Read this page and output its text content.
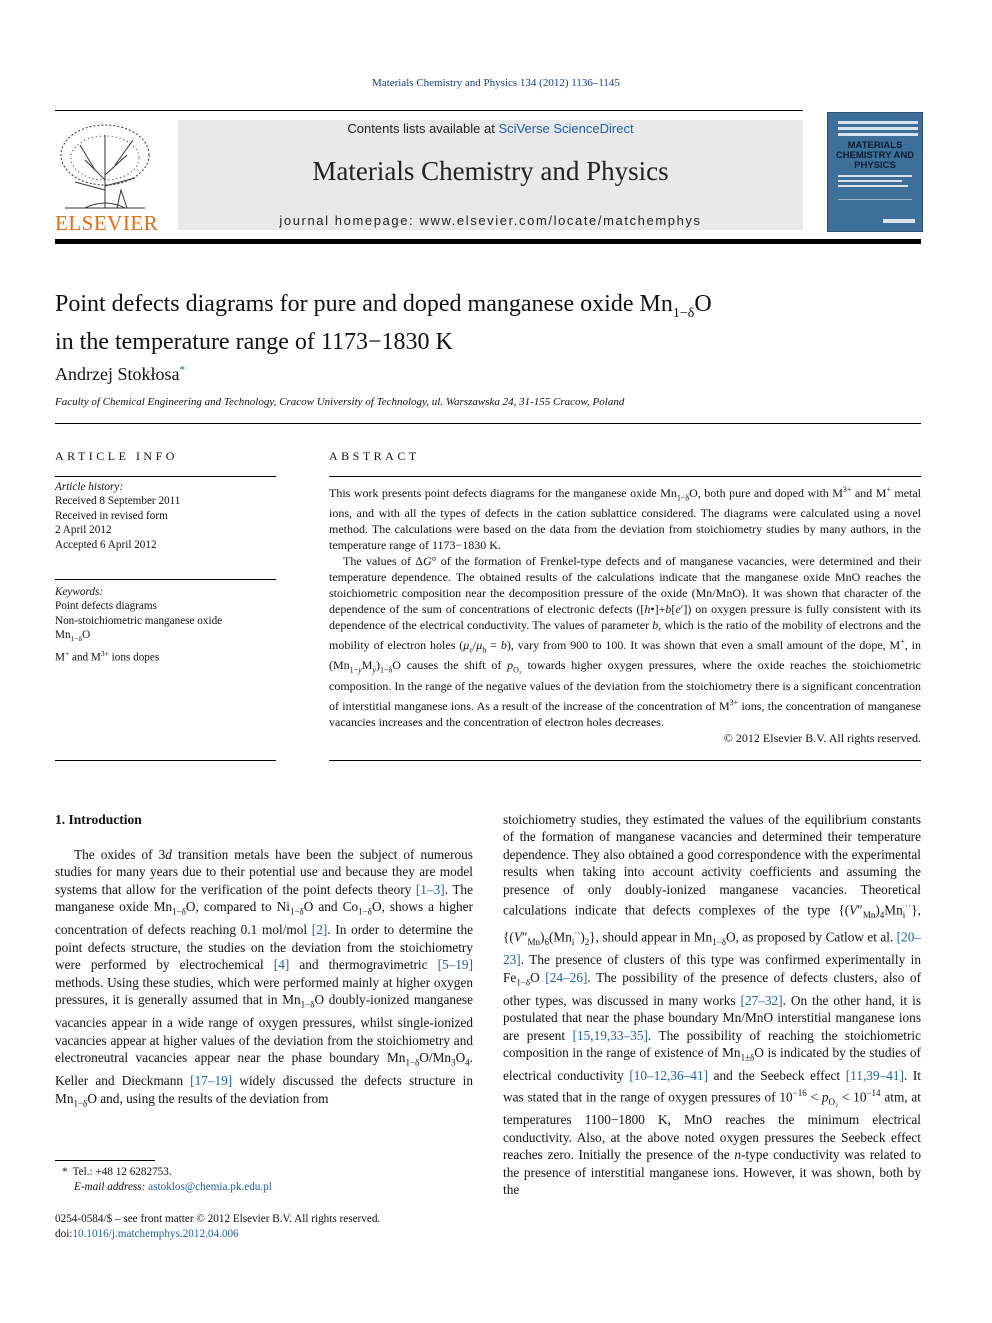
Materials Chemistry and Physics 134 (2012) 1136–1145
ELSEVIER
Contents lists available at SciVerse ScienceDirect
Materials Chemistry and Physics
journal homepage: www.elsevier.com/locate/matchemphys
MATERIALS
CHEMISTRY AND
PHYSICS
Point defects diagrams for pure and doped manganese oxide $Mn_{1-\delta}O$
in the temperature range of 1173−1830 K
Andrzej Stokłosa*
Faculty of Chemical Engineering and Technology, Cracow University of Technology, ul. Warszawska 24, 31-155 Cracow, Poland
ARTICLE INFO
Article history:
Received 8 September 2011
Received in revised form
2 April 2012
Accepted 6 April 2012
Keywords:
Point defects diagrams
Non-stoichiometric manganese oxide
$Mn_{1-\delta}O$
M+ and $M^{3+}$ ions dopes
ABSTRACT

This work presents point defects diagrams for the manganese oxide $Mn_{1-\delta}O$, both pure and doped with $M^{3+}$ and M+ metal ions, and with all the types of defects in the cation sublattice considered. The diagrams were calculated using a novel method. The calculations were based on the data from the deviation from stoichiometry studies by many authors, in the temperature range of 1173−1830 K.

The values of ΔG° of the formation of Frenkel-type defects and of manganese vacancies, were determined and their temperature dependence. The obtained results of the calculations indicate that the manganese oxide MnO reaches the stoichiometric composition near the decomposition pressure of the oxide (Mn/MnO). It was shown that character of the dependence of the sum of concentrations of electronic defects ([h•]+b[e′]) on oxygen pressure is fully consistent with its dependence of the electrical conductivity. The values of parameter b, which is the ratio of the mobility of electrons and the mobility of electron holes $(\mu_e/\mu_h = b)$, vary from 900 to 100. It was shown that even a small amount of the dope, M+, in $(Mn_{1-y}M_y)_{1-\delta}O$ causes the shift of $p_{O_2}$ towards higher oxygen pressures, where the oxide reaches the stoichiometric composition. In the range of the negative values of the deviation from the stoichiometry there is a significant concentration of interstitial manganese ions. As a result of the increase of the concentration of $M^{3+}$ ions, the concentration of manganese vacancies increases and the concentration of electron holes decreases.

© 2012 Elsevier B.V. All rights reserved.

1. Introduction

The oxides of 3d transition metals have been the subject of numerous studies for many years due to their potential use and because they are model systems that allow for the verification of the point defects theory [1–3]. The manganese oxide $Mn_{1-\delta}O$, compared to $Ni_{1-\delta}O$ and $Co_{1-\delta}O$, shows a higher concentration of defects reaching 0.1 mol/mol [2]. In order to determine the point defects structure, the studies on the deviation from the stoichiometry were performed by electrochemical [4] and thermogravimetric [5–19] methods. Using these studies, which were performed mainly at higher oxygen pressures, it is generally assumed that in $Mn_{1-\delta}O$ doubly-ionized manganese vacancies appear in a wide range of oxygen pressures, whilst single-ionized vacancies appear at higher values of the deviation from the stoichiometry and electroneutral vacancies appear near the phase boundary $Mn_{1-\delta}O/Mn_3O_4$. Keller and Dieckmann [17–19] widely discussed the defects structure in $Mn_{1-\delta}O$ and, using the results of the deviation from

stoichiometry studies, they estimated the values of the equilibrium constants of the formation of manganese vacancies and determined their temperature dependence. They also obtained a good correspondence with the experimental results when taking into account activity coefficients and assuming the presence of only doubly-ionized manganese vacancies. Theoretical calculations indicate that defects complexes of the type $\{(V''_{Mn})_4Mn_i^{\cdot\cdot}\}$, $\{(V''_{Mn})_6(Mn_i^{\cdot\cdot})_2\}$, should appear in $Mn_{1-\delta}O$, as proposed by Catlow et al. [20–23]. The presence of clusters of this type was confirmed experimentally in $Fe_{1-\delta}O$ [24–26]. The possibility of the presence of defects clusters, also of other types, was discussed in many works [27–32]. On the other hand, it is postulated that near the phase boundary Mn/MnO interstitial manganese ions are present [15,19,33–35]. The possibility of reaching the stoichiometric composition in the range of existence of $Mn_{1\pm\delta}O$ is indicated by the studies of electrical conductivity [10–12,36–41] and the Seebeck effect [11,39–41]. It was stated that in the range of oxygen pressures of $10^{-16} < p_{O_2} < 10^{-14}$ atm, at temperatures 1100−1800 K, MnO reaches the minimum electrical conductivity. Also, at the above noted oxygen pressures the Seebeck effect reaches zero. Initially the presence of the n-type conductivity was related to the presence of interstitial manganese ions. However, it was shown, both by the

* Tel.: +48 12 6282753.
E-mail address: astoklos@chemia.pk.edu.pl
0254-0584/$ – see front matter © 2012 Elsevier B.V. All rights reserved.
doi:10.1016/j.matchemphys.2012.04.006
